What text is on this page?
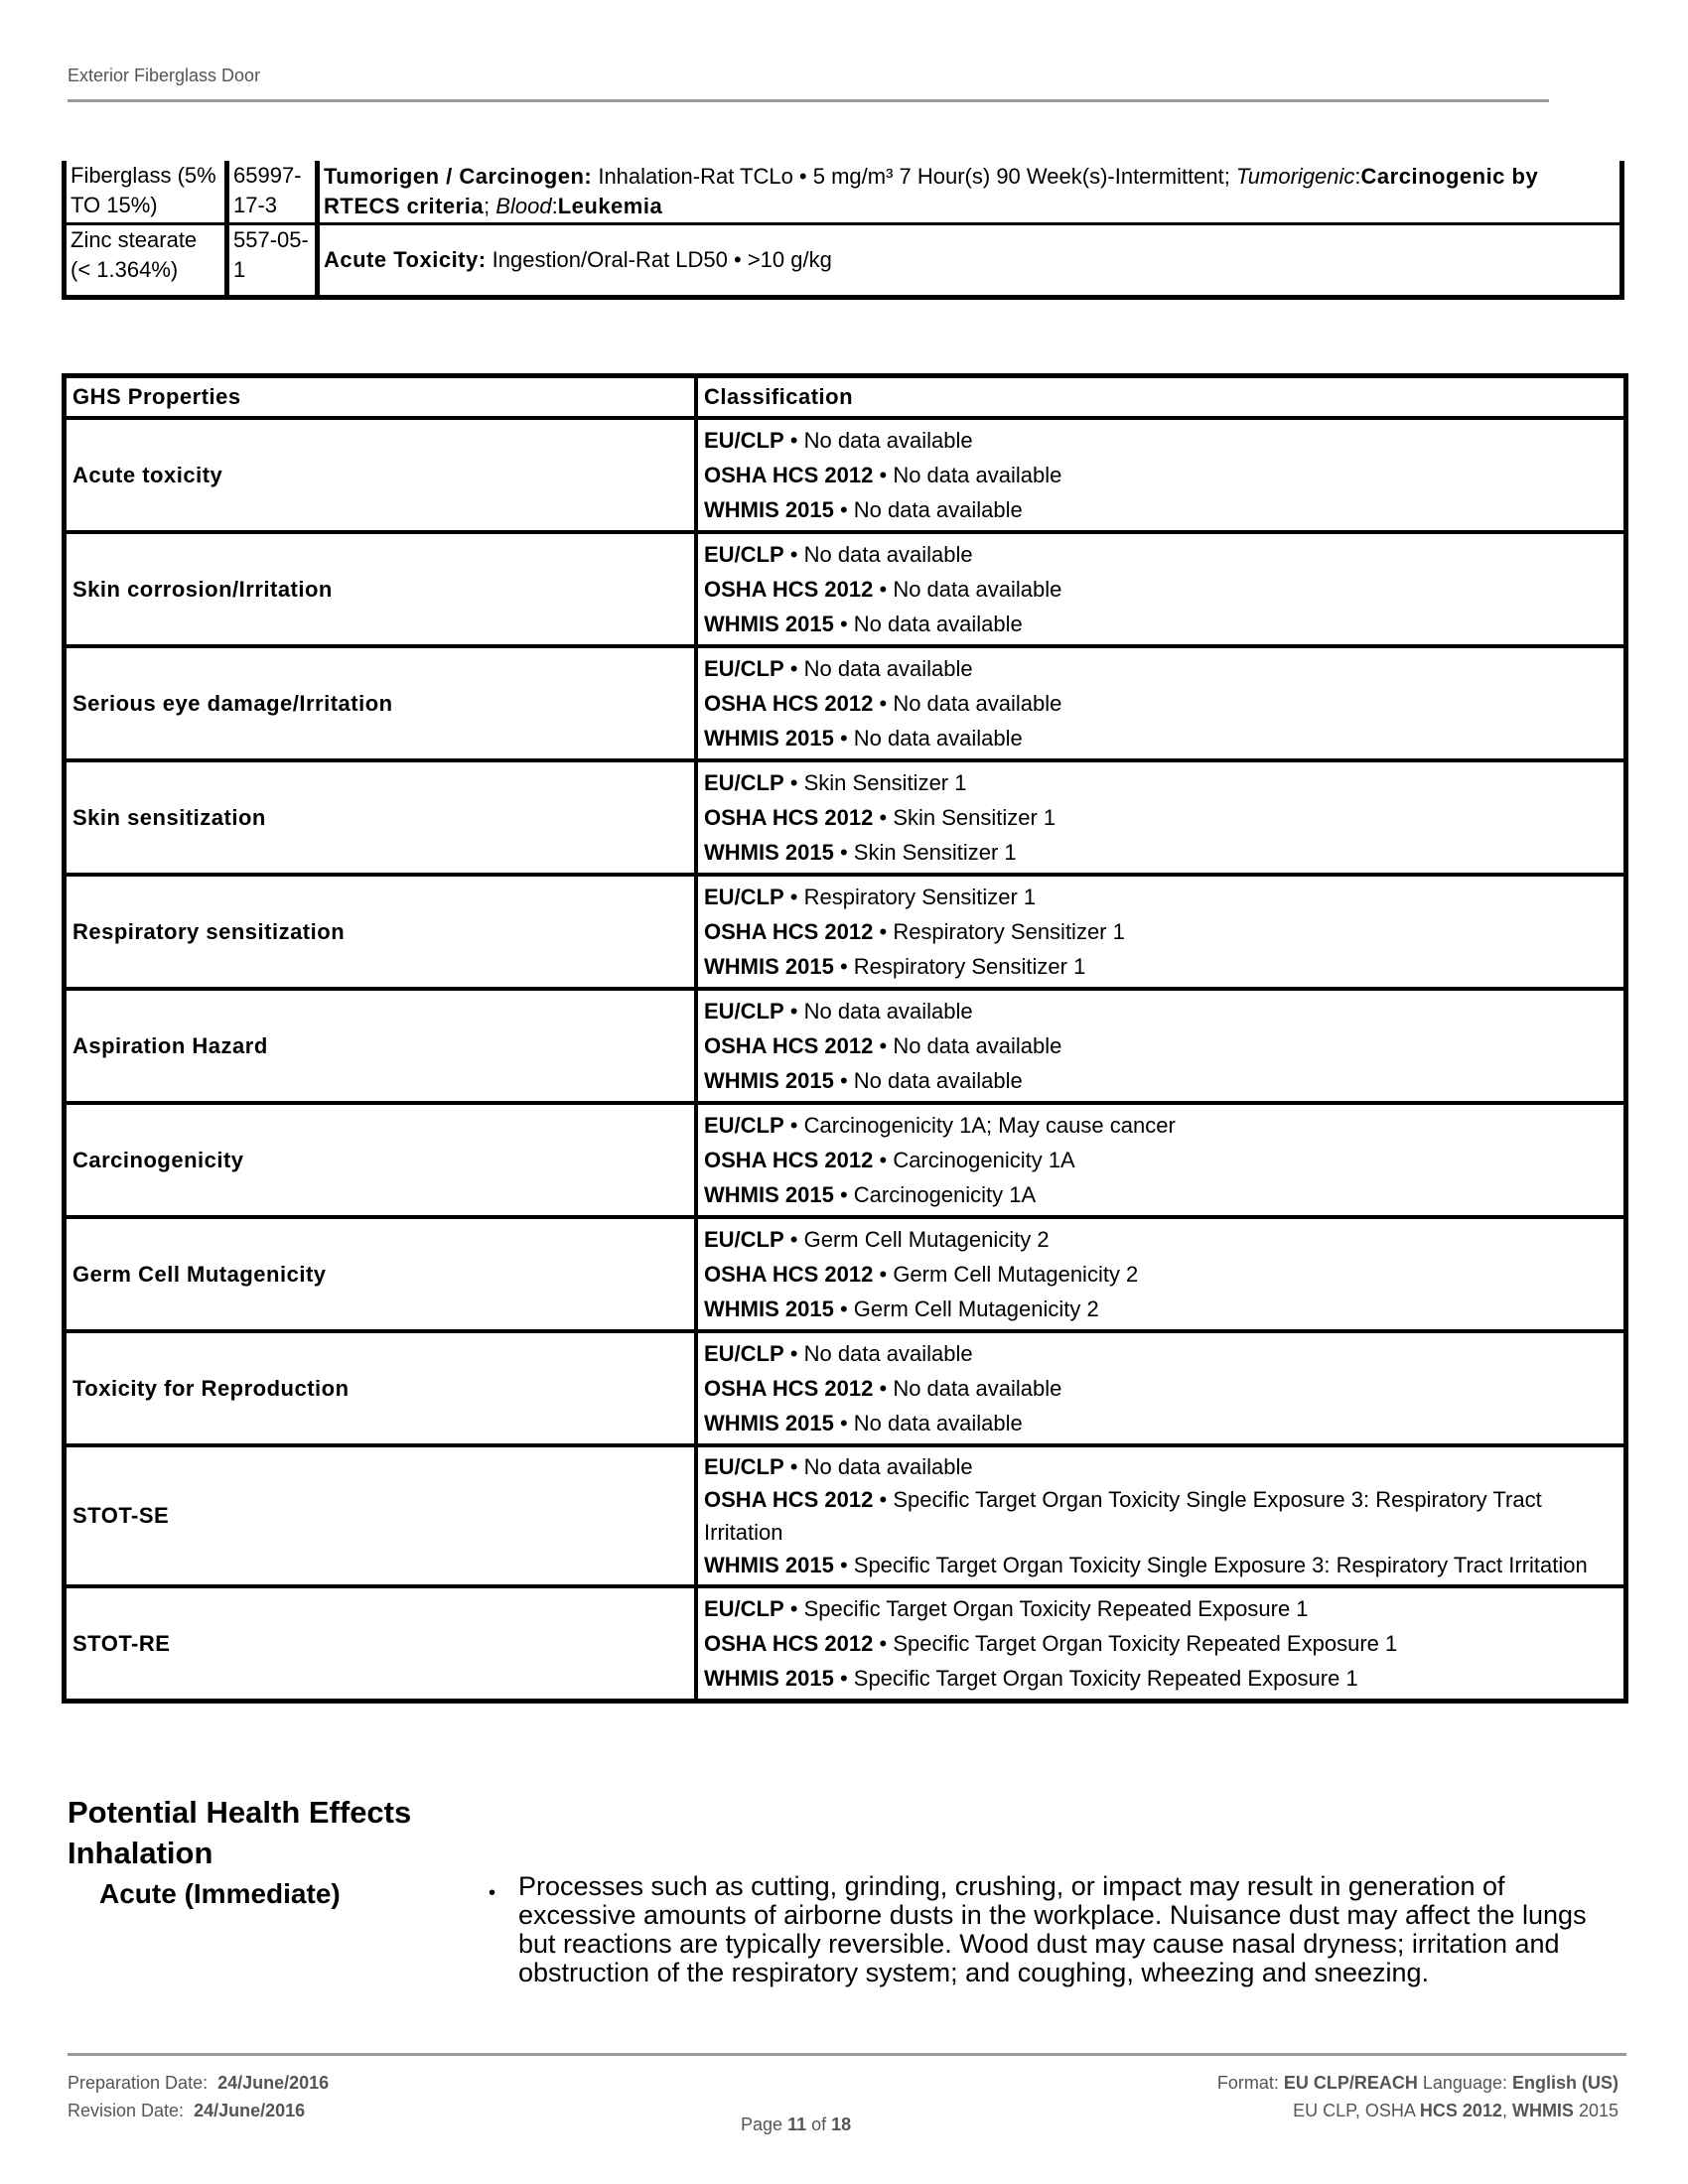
Exterior Fiberglass Door
Fiberglass (5% TO 15%)	65997-17-3	Tumorigen / Carcinogen: Inhalation-Rat TCLo • 5 mg/m³ 7 Hour(s) 90 Week(s)-Intermittent; Tumorigenic:Carcinogenic by RTECS criteria; Blood:Leukemia
Zinc stearate (< 1.364%)	557-05-1	Acute Toxicity: Ingestion/Oral-Rat LD50 • >10 g/kg
GHS Properties	Classification
Acute toxicity	EU/CLP • No data available
OSHA HCS 2012 • No data available
WHMIS 2015 • No data available

Skin corrosion/Irritation	EU/CLP • No data available
OSHA HCS 2012 • No data available
WHMIS 2015 • No data available

Serious eye damage/Irritation	EU/CLP • No data available
OSHA HCS 2012 • No data available
WHMIS 2015 • No data available

Skin sensitization	EU/CLP • Skin Sensitizer 1
OSHA HCS 2012 • Skin Sensitizer 1
WHMIS 2015 • Skin Sensitizer 1

Respiratory sensitization	EU/CLP • Respiratory Sensitizer 1
OSHA HCS 2012 • Respiratory Sensitizer 1
WHMIS 2015 • Respiratory Sensitizer 1

Aspiration Hazard	EU/CLP • No data available
OSHA HCS 2012 • No data available
WHMIS 2015 • No data available

Carcinogenicity	EU/CLP • Carcinogenicity 1A; May cause cancer
OSHA HCS 2012 • Carcinogenicity 1A
WHMIS 2015 • Carcinogenicity 1A

Germ Cell Mutagenicity	EU/CLP • Germ Cell Mutagenicity 2
OSHA HCS 2012 • Germ Cell Mutagenicity 2
WHMIS 2015 • Germ Cell Mutagenicity 2

Toxicity for Reproduction	EU/CLP • No data available
OSHA HCS 2012 • No data available
WHMIS 2015 • No data available

STOT-SE	EU/CLP • No data available
OSHA HCS 2012 • Specific Target Organ Toxicity Single Exposure 3: Respiratory Tract Irritation
WHMIS 2015 • Specific Target Organ Toxicity Single Exposure 3: Respiratory Tract Irritation

STOT-RE	EU/CLP • Specific Target Organ Toxicity Repeated Exposure 1
OSHA HCS 2012 • Specific Target Organ Toxicity Repeated Exposure 1
WHMIS 2015 • Specific Target Organ Toxicity Repeated Exposure 1
Potential Health Effects
Inhalation
Acute (Immediate)	• Processes such as cutting, grinding, crushing, or impact may result in generation of excessive amounts of airborne dusts in the workplace. Nuisance dust may affect the lungs but reactions are typically reversible. Wood dust may cause nasal dryness; irritation and obstruction of the respiratory system; and coughing, wheezing and sneezing.
Preparation Date: 24/June/2016
Revision Date: 24/June/2016
Page 11 of 18
Format: EU CLP/REACH Language: English (US)
EU CLP, OSHA HCS 2012, WHMIS 2015
